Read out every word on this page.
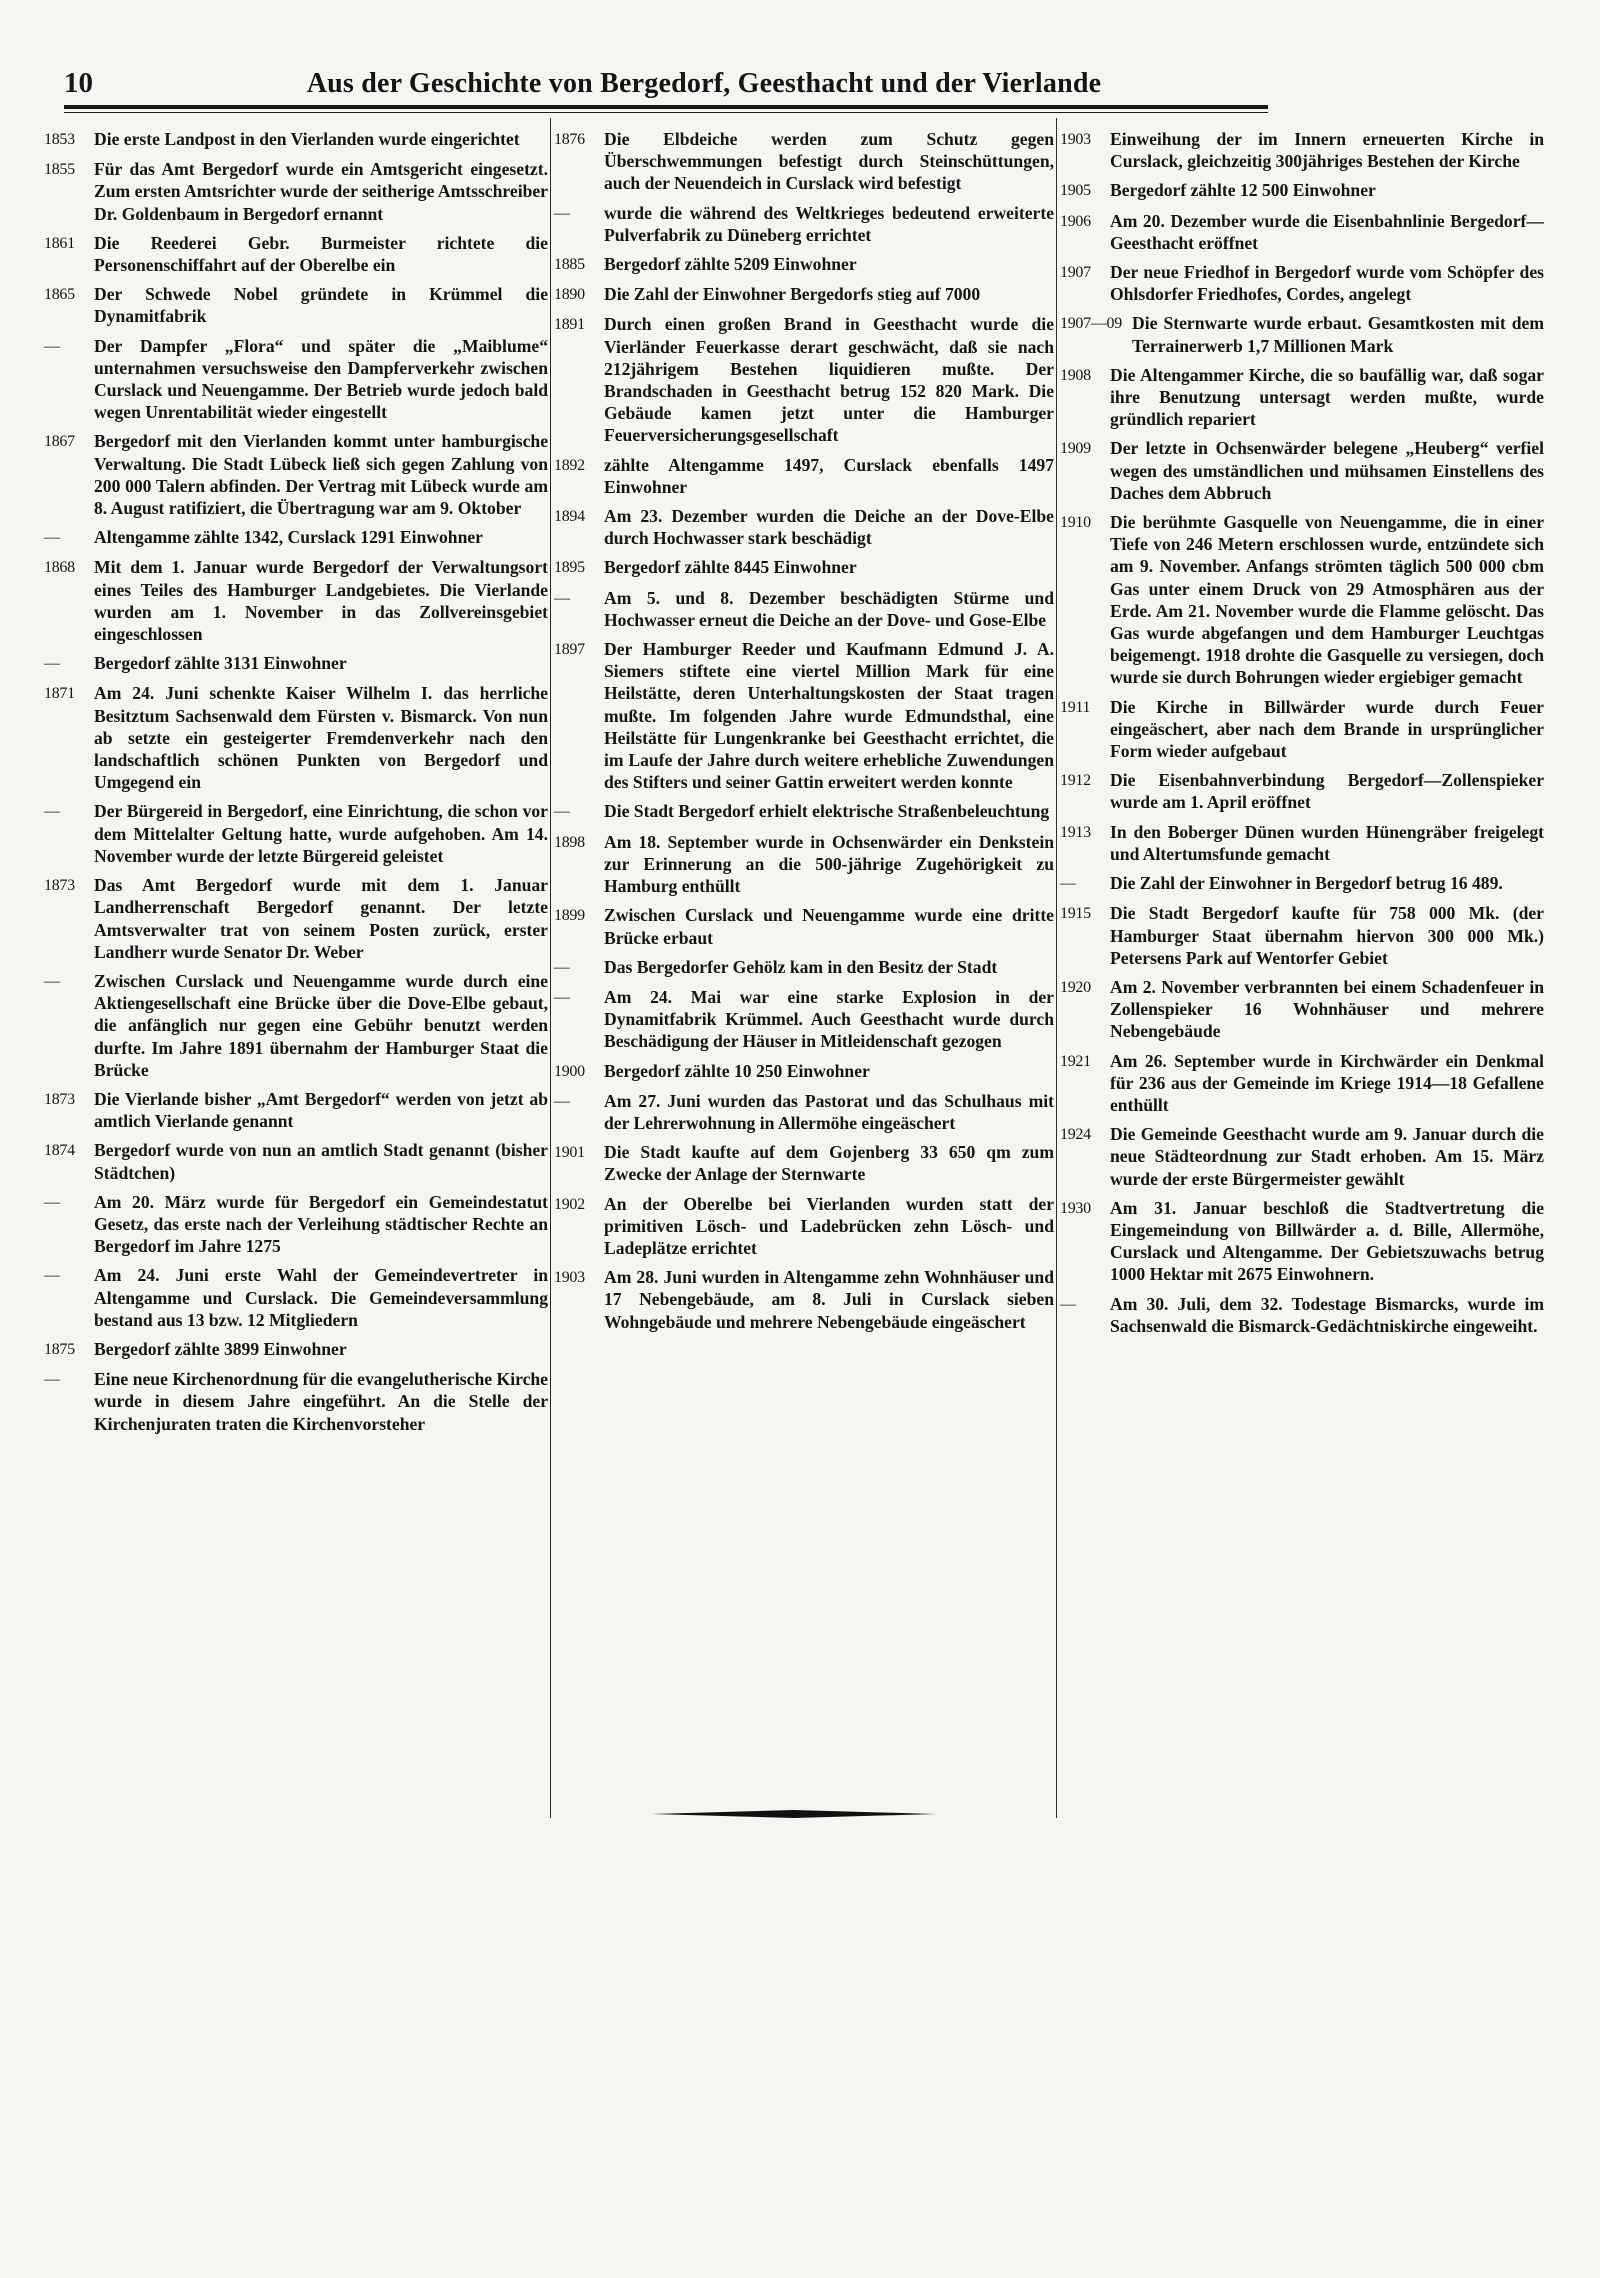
10	Aus der Geschichte von Bergedorf, Geesthacht und der Vierlande
1853	Die erste Landpost in den Vierlanden wurde eingerichtet
1855	Für das Amt Bergedorf wurde ein Amtsgericht eingesetzt. Zum ersten Amtsrichter wurde der seitherige Amtsschreiber Dr. Goldenbaum in Bergedorf ernannt
1861	Die Reederei Gebr. Burmeister richtete die Personenschiffahrt auf der Oberelbe ein
1865	Der Schwede Nobel gründete in Krümmel die Dynamitfabrik
—	Der Dampfer „Flora“ und später die „Maiblume“ unternahmen versuchsweise den Dampferverkehr zwischen Curslack und Neuengamme. Der Betrieb wurde jedoch bald wegen Unrentabilität wieder eingestellt
1867	Bergedorf mit den Vierlanden kommt unter hamburgische Verwaltung. Die Stadt Lübeck ließ sich gegen Zahlung von 200 000 Talern abfinden. Der Vertrag mit Lübeck wurde am 8. August ratifiziert, die Übertragung war am 9. Oktober
—	Altengamme zählte 1342, Curslack 1291 Einwohner
1868	Mit dem 1. Januar wurde Bergedorf der Verwaltungsort eines Teiles des Hamburger Landgebietes. Die Vierlande wurden am 1. November in das Zollvereinsgebiet eingeschlossen
—	Bergedorf zählte 3131 Einwohner
1871	Am 24. Juni schenkte Kaiser Wilhelm I. das herrliche Besitztum Sachsenwald dem Fürsten v. Bismarck. Von nun ab setzte ein gesteigerter Fremdenverkehr nach den landschaftlich schönen Punkten von Bergedorf und Umgegend ein
—	Der Bürgereid in Bergedorf, eine Einrichtung, die schon vor dem Mittelalter Geltung hatte, wurde aufgehoben. Am 14. November wurde der letzte Bürgereid geleistet
1873	Das Amt Bergedorf wurde mit dem 1. Januar Landherrenschaft Bergedorf genannt. Der letzte Amtsverwalter trat von seinem Posten zurück, erster Landherr wurde Senator Dr. Weber
—	Zwischen Curslack und Neuengamme wurde durch eine Aktiengesellschaft eine Brücke über die Dove-Elbe gebaut, die anfänglich nur gegen eine Gebühr benutzt werden durfte. Im Jahre 1891 übernahm der Hamburger Staat die Brücke
1873	Die Vierlande bisher „Amt Bergedorf“ werden von jetzt ab amtlich Vierlande genannt
1874	Bergedorf wurde von nun an amtlich Stadt genannt (bisher Städtchen)
—	Am 20. März wurde für Bergedorf ein Gemeindestatut Gesetz, das erste nach der Verleihung städtischer Rechte an Bergedorf im Jahre 1275
—	Am 24. Juni erste Wahl der Gemeindevertreter in Altengamme und Curslack. Die Gemeindeversammlung bestand aus 13 bzw. 12 Mitgliedern
1875	Bergedorf zählte 3899 Einwohner
—	Eine neue Kirchenordnung für die evangelutherische Kirche wurde in diesem Jahre eingeführt. An die Stelle der Kirchenjuraten traten die Kirchenvorsteher
1876	Die Elbdeiche werden zum Schutz gegen Überschwemmungen befestigt durch Steinschüttungen, auch der Neuendeich in Curslack wird befestigt
—	wurde die während des Weltkrieges bedeutend erweiterte Pulverfabrik zu Düneberg errichtet
1885	Bergedorf zählte 5209 Einwohner
1890	Die Zahl der Einwohner Bergedorfs stieg auf 7000
1891	Durch einen großen Brand in Geesthacht wurde die Vierländer Feuerkasse derart geschwächt, daß sie nach 212jährigem Bestehen liquidieren mußte. Der Brandschaden in Geesthacht betrug 152 820 Mark. Die Gebäude kamen jetzt unter die Hamburger Feuerversicherungsgesellschaft
1892	zählte Altengamme 1497, Curslack ebenfalls 1497 Einwohner
1894	Am 23. Dezember wurden die Deiche an der Dove-Elbe durch Hochwasser stark beschädigt
1895	Bergedorf zählte 8445 Einwohner
—	Am 5. und 8. Dezember beschädigten Stürme und Hochwasser erneut die Deiche an der Dove- und Gose-Elbe
1897	Der Hamburger Reeder und Kaufmann Edmund J. A. Siemers stiftete eine viertel Million Mark für eine Heilstätte, deren Unterhaltungskosten der Staat tragen mußte. Im folgenden Jahre wurde Edmundsthal, eine Heilstätte für Lungenkranke bei Geesthacht errichtet, die im Laufe der Jahre durch weitere erhebliche Zuwendungen des Stifters und seiner Gattin erweitert werden konnte
—	Die Stadt Bergedorf erhielt elektrische Straßenbeleuchtung
1898	Am 18. September wurde in Ochsenwärder ein Denkstein zur Erinnerung an die 500-jährige Zugehörigkeit zu Hamburg enthüllt
1899	Zwischen Curslack und Neuengamme wurde eine dritte Brücke erbaut
—	Das Bergedorfer Gehölz kam in den Besitz der Stadt
—	Am 24. Mai war eine starke Explosion in der Dynamitfabrik Krümmel. Auch Geesthacht wurde durch Beschädigung der Häuser in Mitleidenschaft gezogen
1900	Bergedorf zählte 10 250 Einwohner
—	Am 27. Juni wurden das Pastorat und das Schulhaus mit der Lehrerwohnung in Allermöhe eingeäschert
1901	Die Stadt kaufte auf dem Gojenberg 33 650 qm zum Zwecke der Anlage der Sternwarte
1902	An der Oberelbe bei Vierlanden wurden statt der primitiven Lösch- und Ladebrücken zehn Lösch- und Ladeplätze errichtet
1903	Am 28. Juni wurden in Altengamme zehn Wohnhäuser und 17 Nebengebäude, am 8. Juli in Curslack sieben Wohngebäude und mehrere Nebengebäude eingeäschert
1903	Einweihung der im Innern erneuerten Kirche in Curslack, gleichzeitig 300jähriges Bestehen der Kirche
1905	Bergedorf zählte 12 500 Einwohner
1906	Am 20. Dezember wurde die Eisenbahnlinie Bergedorf—Geesthacht eröffnet
1907	Der neue Friedhof in Bergedorf wurde vom Schöpfer des Ohlsdorfer Friedhofes, Cordes, angelegt
1907—09 Die Sternwarte wurde erbaut. Gesamtkosten mit dem Terrainerwerb 1,7 Millionen Mark
1908	Die Altengammer Kirche, die so baufällig war, daß sogar ihre Benutzung untersagt werden mußte, wurde gründlich repariert
1909	Der letzte in Ochsenwärder belegene „Heuberg“ verfiel wegen des umständlichen und mühsamen Einstellens des Daches dem Abbruch
1910	Die berühmte Gasquelle von Neuengamme, die in einer Tiefe von 246 Metern erschlossen wurde, entzündete sich am 9. November. Anfangs strömten täglich 500 000 cbm Gas unter einem Druck von 29 Atmosphären aus der Erde. Am 21. November wurde die Flamme gelöscht. Das Gas wurde abgefangen und dem Hamburger Leuchtgas beigemengt. 1918 drohte die Gasquelle zu versiegen, doch wurde sie durch Bohrungen wieder ergiebiger gemacht
1911	Die Kirche in Billwärder wurde durch Feuer eingeäschert, aber nach dem Brande in ursprünglicher Form wieder aufgebaut
1912	Die Eisenbahnverbindung Bergedorf—Zollenspieker wurde am 1. April eröffnet
1913	In den Boberger Dünen wurden Hünengräber freigelegt und Altertumsfunde gemacht
—	Die Zahl der Einwohner in Bergedorf betrug 16 489.
1915	Die Stadt Bergedorf kaufte für 758 000 Mk. (der Hamburger Staat übernahm hiervon 300 000 Mk.) Petersens Park auf Wentorfer Gebiet
1920	Am 2. November verbrannten bei einem Schadenfeuer in Zollenspieker 16 Wohnhäuser und mehrere Nebengebäude
1921	Am 26. September wurde in Kirchwärder ein Denkmal für 236 aus der Gemeinde im Kriege 1914—18 Gefallene enthüllt
1924	Die Gemeinde Geesthacht wurde am 9. Januar durch die neue Städteordnung zur Stadt erhoben. Am 15. März wurde der erste Bürgermeister gewählt
1930	Am 31. Januar beschloß die Stadtvertretung die Eingemeindung von Billwärder a. d. Bille, Allermöhe, Curslack und Altengamme. Der Gebietszuwachs betrug 1000 Hektar mit 2675 Einwohnern.
—	Am 30. Juli, dem 32. Todestage Bismarcks, wurde im Sachsenwald die Bismarck-Gedächtniskirche eingeweiht.
